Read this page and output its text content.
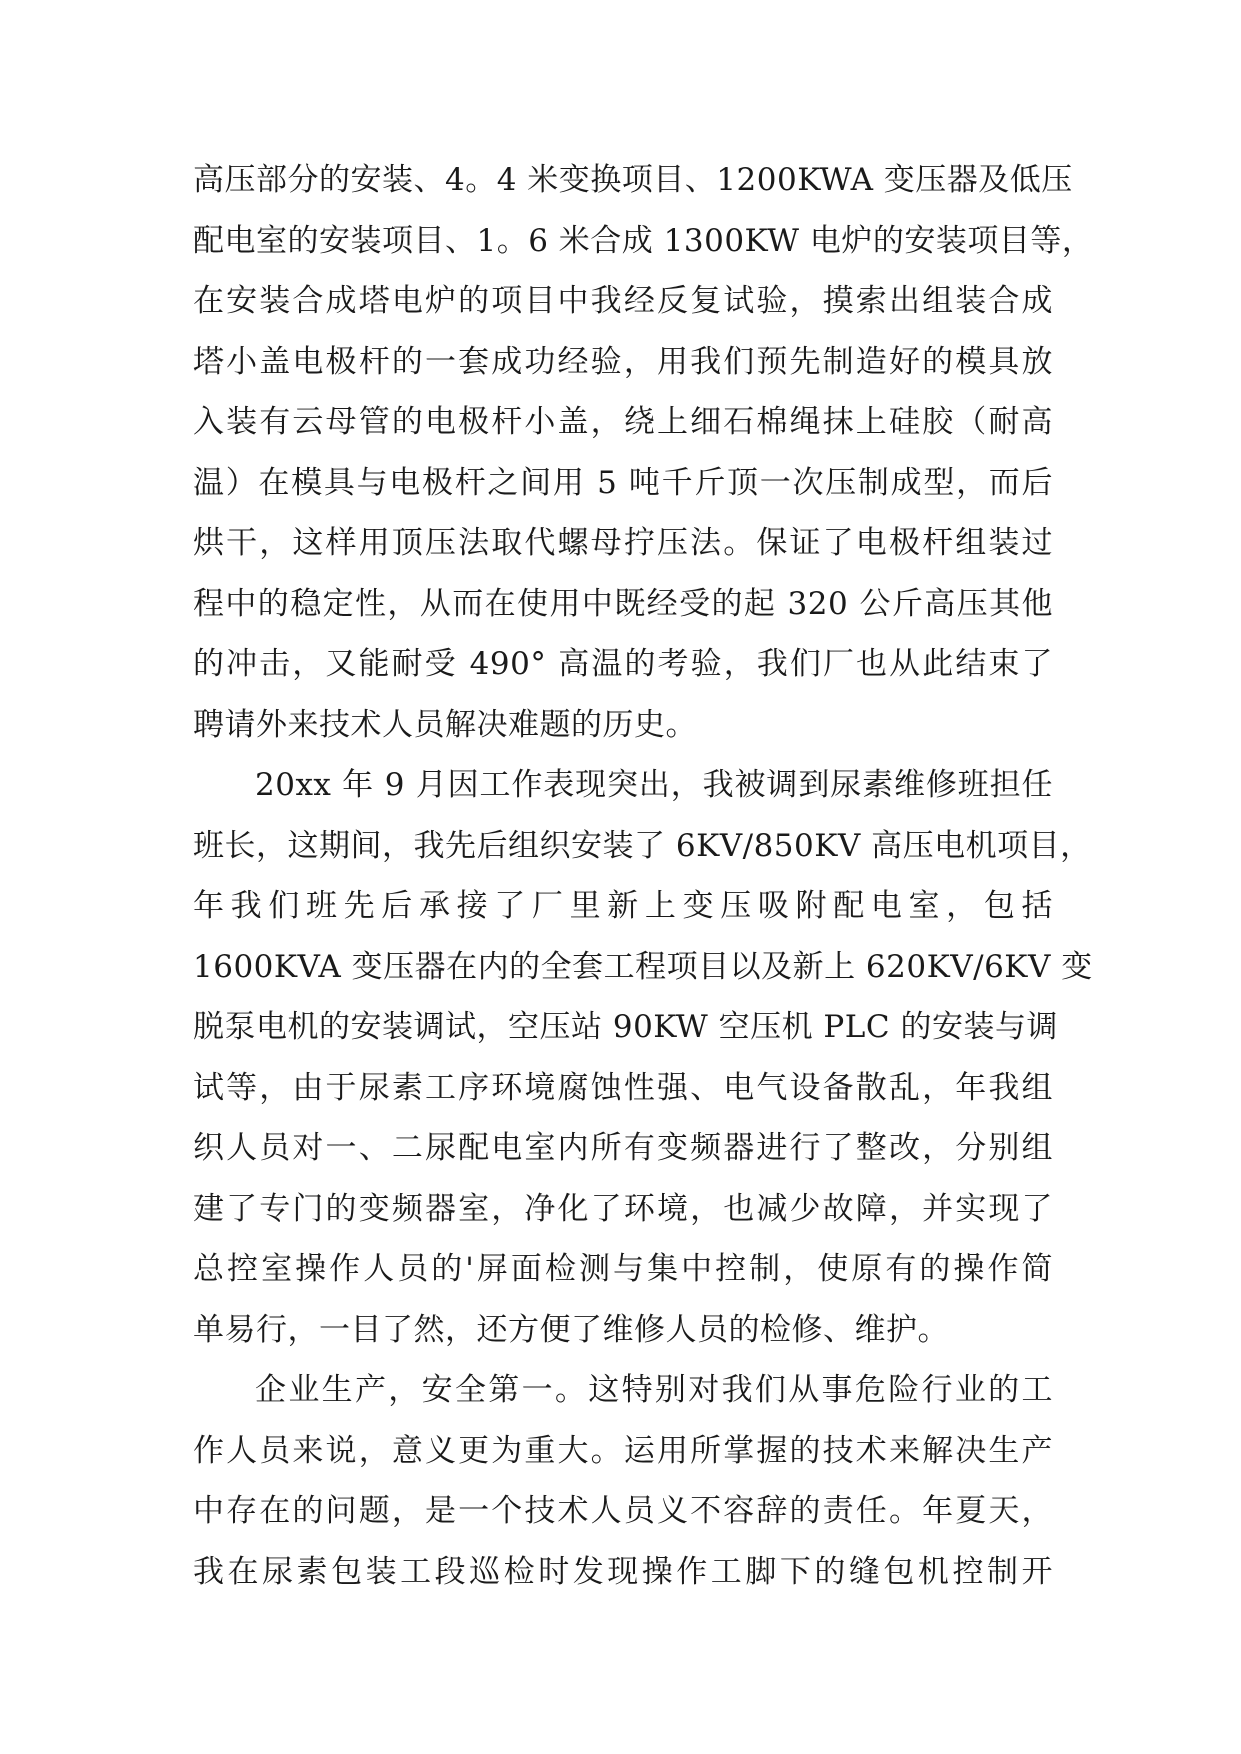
高压部分的安装、4。4 米变换项目、1200KWA 变压器及低压
配电室的安装项目、1。6 米合成 1300KW 电炉的安装项目等，
在安装合成塔电炉的项目中我经反复试验，摸索出组装合成
塔小盖电极杆的一套成功经验，用我们预先制造好的模具放
入装有云母管的电极杆小盖，绕上细石棉绳抹上硅胶（耐高
温）在模具与电极杆之间用 5 吨千斤顶一次压制成型，而后
烘干，这样用顶压法取代螺母拧压法。保证了电极杆组装过
程中的稳定性，从而在使用中既经受的起 320 公斤高压其他
的冲击，又能耐受 490° 高温的考验，我们厂也从此结束了
聘请外来技术人员解决难题的历史。
20xx 年 9 月因工作表现突出，我被调到尿素维修班担任
班长，这期间，我先后组织安装了 6KV/850KV 高压电机项目，
年我们班先后承接了厂里新上变压吸附配电室，包括
1600KVA 变压器在内的全套工程项目以及新上 620KV/6KV 变
脱泵电机的安装调试，空压站 90KW 空压机 PLC 的安装与调
试等，由于尿素工序环境腐蚀性强、电气设备散乱，年我组
织人员对一、二尿配电室内所有变频器进行了整改，分别组
建了专门的变频器室，净化了环境，也减少故障，并实现了
总控室操作人员的'屏面检测与集中控制，使原有的操作简
单易行，一目了然，还方便了维修人员的检修、维护。
企业生产，安全第一。这特别对我们从事危险行业的工
作人员来说，意义更为重大。运用所掌握的技术来解决生产
中存在的问题，是一个技术人员义不容辞的责任。年夏天，
我在尿素包装工段巡检时发现操作工脚下的缝包机控制开
